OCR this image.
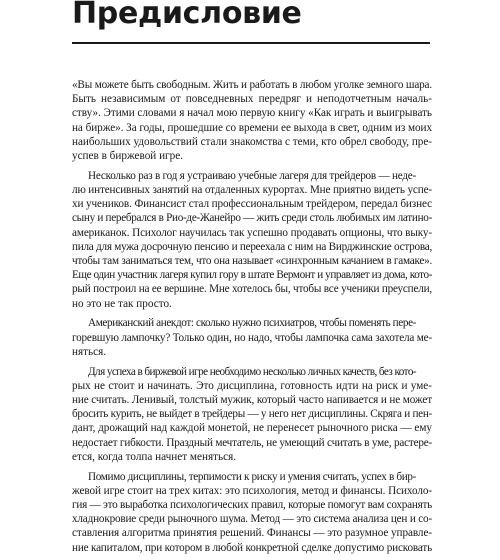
Предисловие
«Вы можете быть свободным. Жить и работать в любом уголке земного шара.
Быть независимым от повседневных передряг и неподотчетным началь-
ству». Этими словами я начал мою первую книгу «Как играть и выигрывать
на бирже». За годы, прошедшие со времени ее выхода в свет, одним из моих
наибольших удовольствий стали знакомства с теми, кто обрел свободу, пре-
успев в биржевой игре.
Несколько раз в год я устраиваю учебные лагеря для трейдеров — неде-
лю интенсивных занятий на отдаленных курортах. Мне приятно видеть успе-
хи учеников. Финансист стал профессиональным трейдером, передал бизнес
сыну и перебрался в Рио-де-Жанейро — жить среди столь любимых им латино-
американок. Психолог научилась так успешно продавать опционы, что выку-
пила для мужа досрочную пенсию и переехала с ним на Вирджинские острова,
чтобы там заниматься тем, что она называет «синхронным качанием в гамаке».
Еще один участник лагеря купил гору в штате Вермонт и управляет из дома, кото-
рый построил на ее вершине. Мне хотелось бы, чтобы все ученики преуспели,
но это не так просто.
Американский анекдот: сколько нужно психиатров, чтобы поменять пере-
горевшую лампочку? Только один, но надо, чтобы лампочка сама захотела ме-
няться.
Для успеха в биржевой игре необходимо несколько личных качеств, без кото-
рых не стоит и начинать. Это дисциплина, готовность идти на риск и уме-
ние считать. Ленивый, толстый мужик, который часто напивается и не может
бросить курить, не выйдет в трейдеры — у него нет дисциплины. Скряга и пен-
дант, дрожащий над каждой монетой, не перенесет рыночного риска — ему
недостает гибкости. Праздный мечтатель, не умеющий считать в уме, растере-
ется, когда толпа начнет меняться.
Помимо дисциплины, терпимости к риску и умения считать, успех в бир-
жевой игре стоит на трех китах: это психология, метод и финансы. Психоло-
гия — это выработка психологических правил, которые помогут вам сохранять
хладнокровие среди рыночного шума. Метод — это система анализа цен и со-
ставления алгоритма принятия решений. Финансы — это разумное управле-
ние капиталом, при котором в любой конкретной сделке допустимо рисковать
